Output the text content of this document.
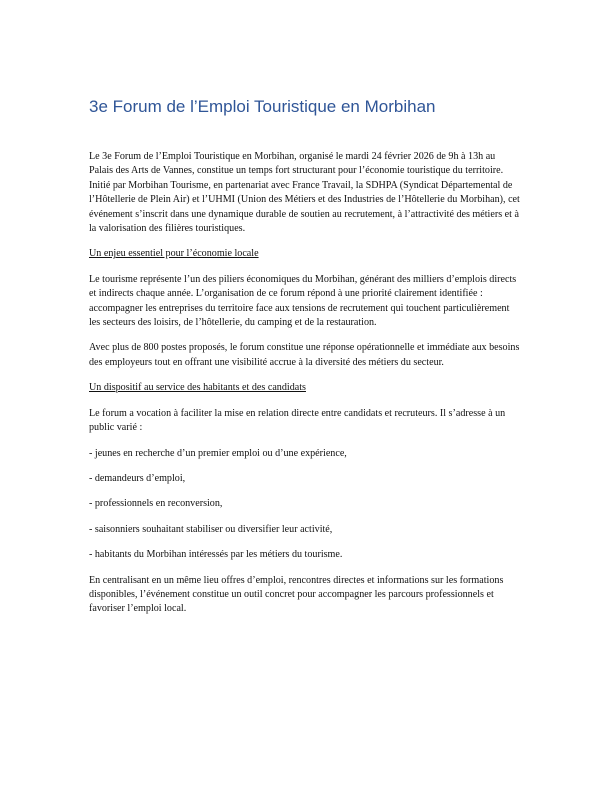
3e Forum de l’Emploi Touristique en Morbihan

Le 3e Forum de l’Emploi Touristique en Morbihan, organisé le mardi 24 février 2026 de 9h à 13h au Palais des Arts de Vannes, constitue un temps fort structurant pour l’économie touristique du territoire. Initié par Morbihan Tourisme, en partenariat avec France Travail, la SDHPA (Syndicat Départemental de l’Hôtellerie de Plein Air) et l’UHMI (Union des Métiers et des Industries de l’Hôtellerie du Morbihan), cet événement s’inscrit dans une dynamique durable de soutien au recrutement, à l’attractivité des métiers et à la valorisation des filières touristiques.

Un enjeu essentiel pour l’économie locale

Le tourisme représente l’un des piliers économiques du Morbihan, générant des milliers d’emplois directs et indirects chaque année. L’organisation de ce forum répond à une priorité clairement identifiée : accompagner les entreprises du territoire face aux tensions de recrutement qui touchent particulièrement les secteurs des loisirs, de l’hôtellerie, du camping et de la restauration.

Avec plus de 800 postes proposés, le forum constitue une réponse opérationnelle et immédiate aux besoins des employeurs tout en offrant une visibilité accrue à la diversité des métiers du secteur.

Un dispositif au service des habitants et des candidats

Le forum a vocation à faciliter la mise en relation directe entre candidats et recruteurs. Il s’adresse à un public varié :

- jeunes en recherche d’un premier emploi ou d’une expérience,

- demandeurs d’emploi,

- professionnels en reconversion,

- saisonniers souhaitant stabiliser ou diversifier leur activité,

- habitants du Morbihan intéressés par les métiers du tourisme.

En centralisant en un même lieu offres d’emploi, rencontres directes et informations sur les formations disponibles, l’événement constitue un outil concret pour accompagner les parcours professionnels et favoriser l’emploi local.
